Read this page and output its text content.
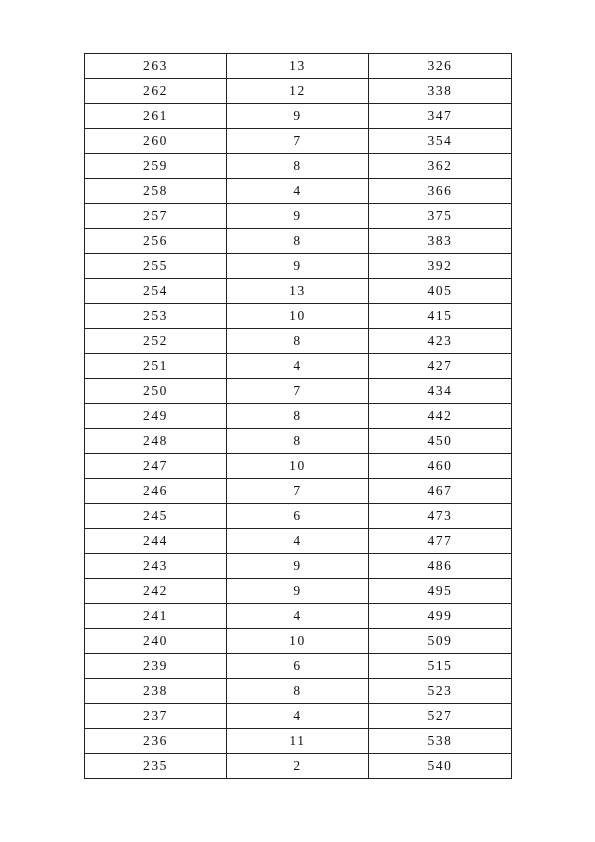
263	13	326
262	12	338
261	9	347
260	7	354
259	8	362
258	4	366
257	9	375
256	8	383
255	9	392
254	13	405
253	10	415
252	8	423
251	4	427
250	7	434
249	8	442
248	8	450
247	10	460
246	7	467
245	6	473
244	4	477
243	9	486
242	9	495
241	4	499
240	10	509
239	6	515
238	8	523
237	4	527
236	11	538
235	2	540
